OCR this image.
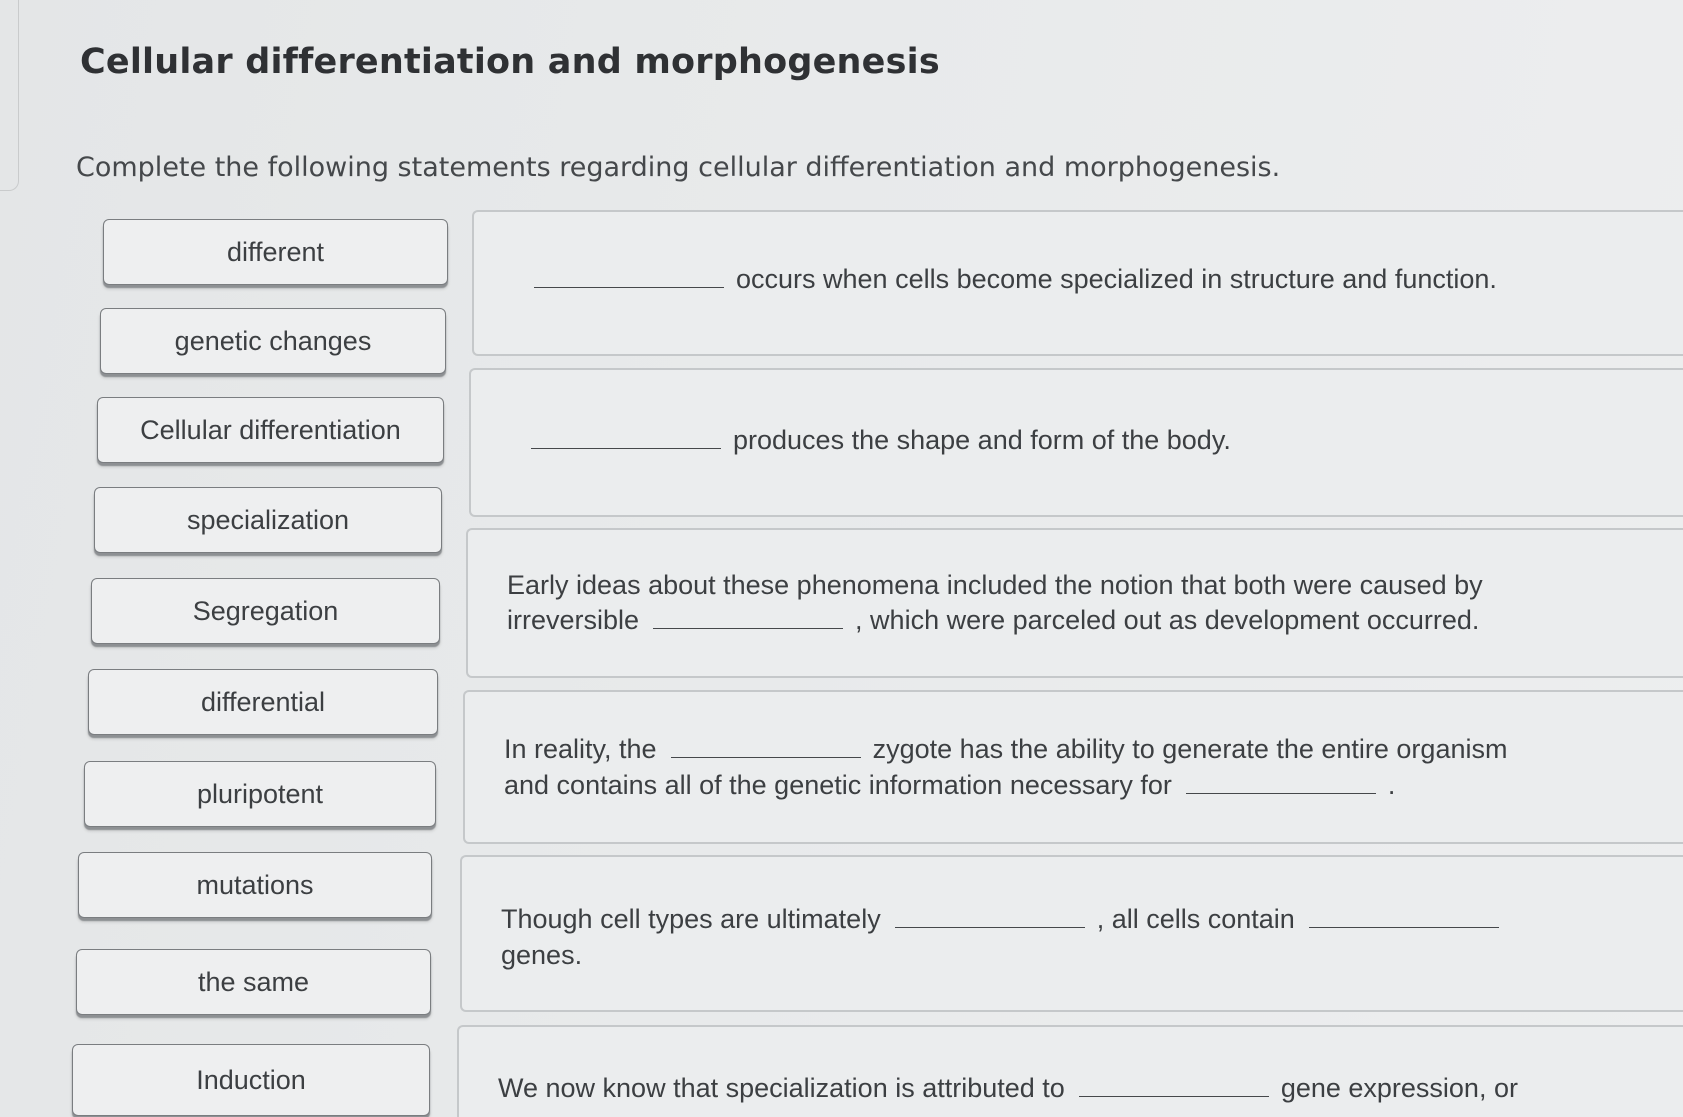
Cellular differentiation and morphogenesis
Complete the following statements regarding cellular differentiation and morphogenesis.
different
genetic changes
Cellular differentiation
specialization
Segregation
differential
pluripotent
mutations
the same
Induction
occurs when cells become specialized in structure and function.
produces the shape and form of the body.
Early ideas about these phenomena included the notion that both were caused by
irreversible	, which were parceled out as development occurred.
In reality, the	zygote has the ability to generate the entire organism
and contains all of the genetic information necessary for	.
Though cell types are ultimately	, all cells contain
genes.
We now know that specialization is attributed to	gene expression, or
